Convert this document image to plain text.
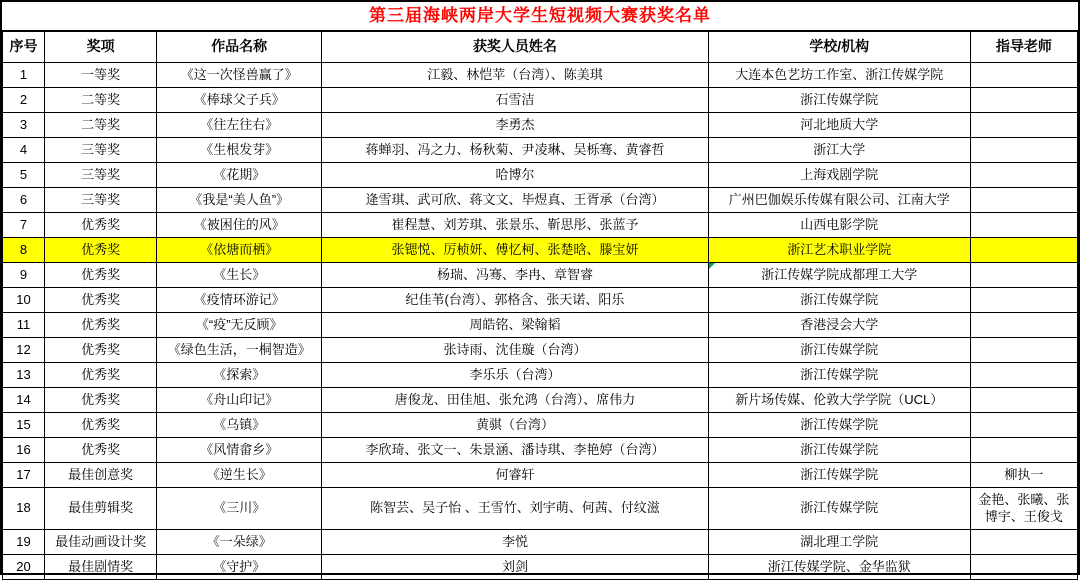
第三届海峡两岸大学生短视频大赛获奖名单
序号	奖项	作品名称	获奖人员姓名	学校/机构	指导老师
1	一等奖	《这一次怪兽赢了》	江毅、林恺苹（台湾）、陈美琪	大连本色艺坊工作室、浙江传媒学院	
2	二等奖	《棒球父子兵》	石雪洁	浙江传媒学院	
3	二等奖	《往左往右》	李勇杰	河北地质大学	
4	三等奖	《生根发芽》	蒋蝉羽、冯之力、杨秋菊、尹凌琳、吴栎骞、黄睿哲	浙江大学	
5	三等奖	《花期》	哈博尔	上海戏剧学院	
6	三等奖	《我是“美人鱼”》	逄雪琪、武可欣、蒋文文、毕煜真、王胥承（台湾）	广州巴伽娱乐传媒有限公司、江南大学	
7	优秀奖	《被困住的风》	崔程慧、刘芳琪、张景乐、靳思彤、张蓝予	山西电影学院	
8	优秀奖	《依塘而栖》	张锶悦、厉桢妍、傅忆柯、张楚晗、滕宝妍	浙江艺术职业学院	
9	优秀奖	《生长》	杨瑞、冯骞、李冉、章智睿	浙江传媒学院成都理工大学

10	优秀奖	《疫情环游记》	纪佳苇(台湾）、郭格含、张天诺、阳乐	浙江传媒学院	
11	优秀奖	《“疫”无反顾》	周皓铭、梁翰韬	香港浸会大学	
12	优秀奖	《绿色生活，一桐智造》	张诗雨、沈佳璇（台湾）	浙江传媒学院	
13	优秀奖	《探索》	李乐乐（台湾）	浙江传媒学院	
14	优秀奖	《舟山印记》	唐俊龙、田佳旭、张允鸿（台湾）、席伟力	新片场传媒、伦敦大学学院（UCL）	
15	优秀奖	《乌镇》	黄骐（台湾）	浙江传媒学院	
16	优秀奖	《风情畲乡》	李欣琦、张文一、朱景涵、潘诗琪、李艳婷（台湾）	浙江传媒学院	
17	最佳创意奖	《逆生长》	何睿轩	浙江传媒学院	柳执一
18	最佳剪辑奖	《三川》	陈智芸、吴子怡 、王雪竹、刘宇萌、何茜、付纹滋	浙江传媒学院	金艳、张曦、张博宇、王俊戈
19	最佳动画设计奖	《一朵绿》	李悦	湖北理工学院	
20	最佳剧情奖	《守护》	刘剑	浙江传媒学院、金华监狱	
